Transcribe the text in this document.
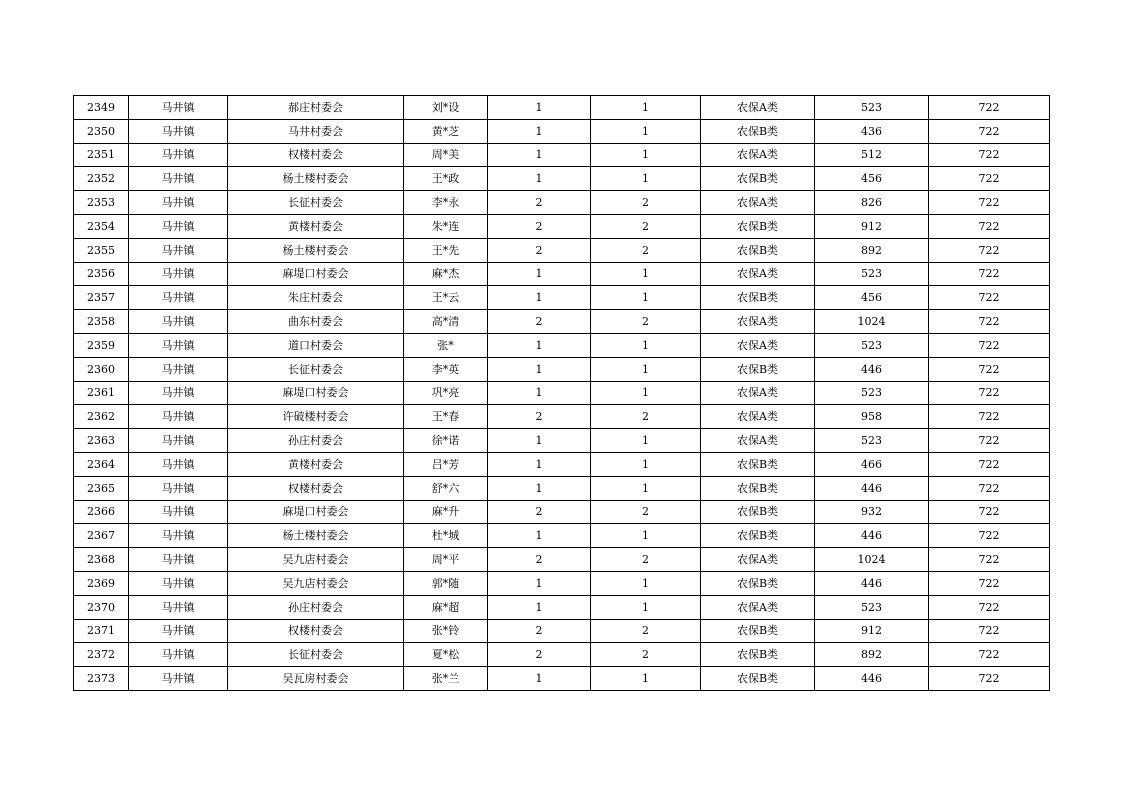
2349	马井镇	郝庄村委会	刘*设	1	1	农保A类	523	722
2350	马井镇	马井村委会	黄*芝	1	1	农保B类	436	722
2351	马井镇	权楼村委会	周*美	1	1	农保A类	512	722
2352	马井镇	杨土楼村委会	王*政	1	1	农保B类	456	722
2353	马井镇	长征村委会	李*永	2	2	农保A类	826	722
2354	马井镇	黄楼村委会	朱*连	2	2	农保B类	912	722
2355	马井镇	杨土楼村委会	王*先	2	2	农保B类	892	722
2356	马井镇	麻堤口村委会	麻*杰	1	1	农保A类	523	722
2357	马井镇	朱庄村委会	王*云	1	1	农保B类	456	722
2358	马井镇	曲东村委会	高*清	2	2	农保A类	1024	722
2359	马井镇	道口村委会	张*	1	1	农保A类	523	722
2360	马井镇	长征村委会	李*英	1	1	农保B类	446	722
2361	马井镇	麻堤口村委会	巩*亮	1	1	农保A类	523	722
2362	马井镇	许破楼村委会	王*春	2	2	农保A类	958	722
2363	马井镇	孙庄村委会	徐*诺	1	1	农保A类	523	722
2364	马井镇	黄楼村委会	吕*芳	1	1	农保B类	466	722
2365	马井镇	权楼村委会	舒*六	1	1	农保B类	446	722
2366	马井镇	麻堤口村委会	麻*升	2	2	农保B类	932	722
2367	马井镇	杨土楼村委会	杜*城	1	1	农保B类	446	722
2368	马井镇	吴九店村委会	周*平	2	2	农保A类	1024	722
2369	马井镇	吴九店村委会	郭*随	1	1	农保B类	446	722
2370	马井镇	孙庄村委会	麻*超	1	1	农保A类	523	722
2371	马井镇	权楼村委会	张*铃	2	2	农保B类	912	722
2372	马井镇	长征村委会	夏*松	2	2	农保B类	892	722
2373	马井镇	吴瓦房村委会	张*兰	1	1	农保B类	446	722
